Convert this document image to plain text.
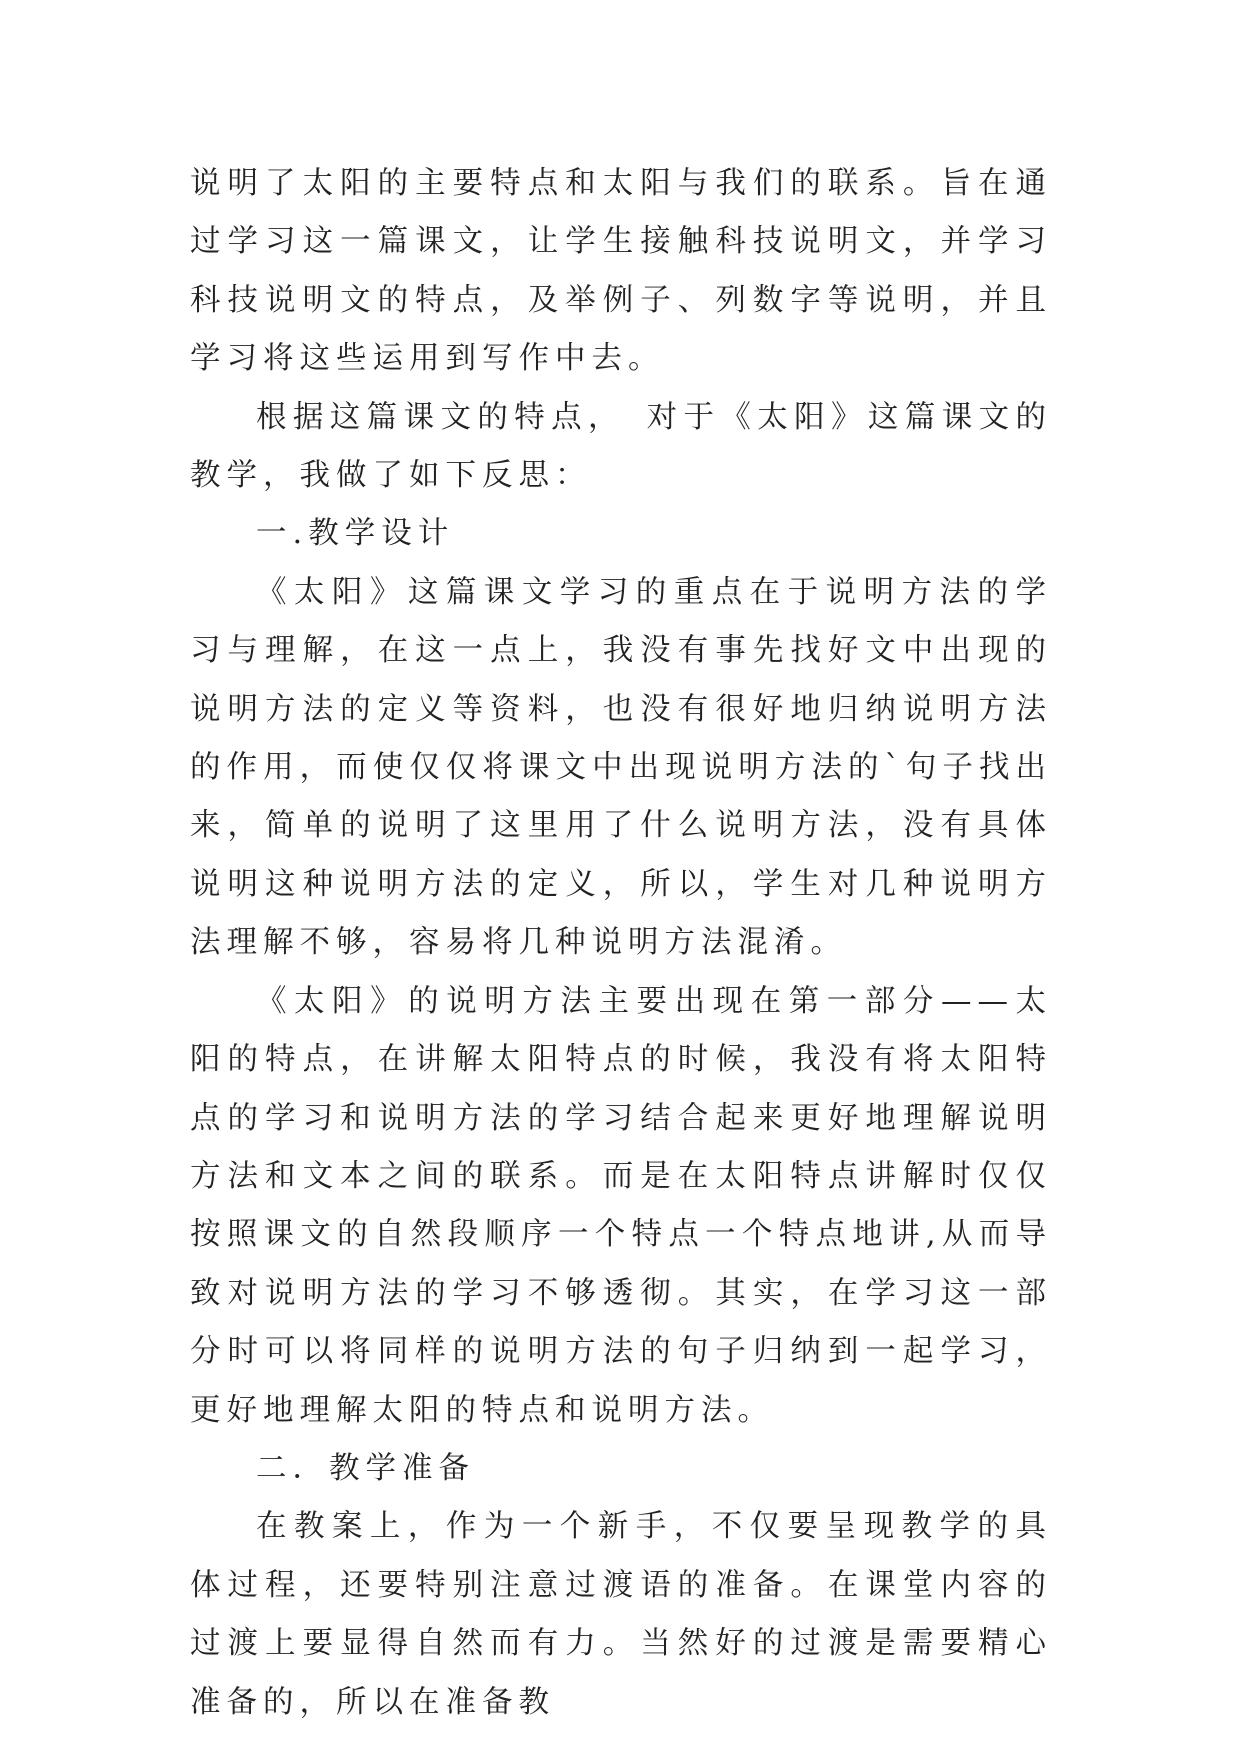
说明了太阳的主要特点和太阳与我们的联系。旨在通过学习这一篇课文，让学生接触科技说明文，并学习科技说明文的特点，及举例子、列数字等说明，并且学习将这些运用到写作中去。

根据这篇课文的特点，　对于《太阳》这篇课文的教学，我做了如下反思：

一.教学设计

《太阳》这篇课文学习的重点在于说明方法的学习与理解，在这一点上，我没有事先找好文中出现的说明方法的定义等资料，也没有很好地归纳说明方法的作用，而使仅仅将课文中出现说明方法的`句子找出来，简单的说明了这里用了什么说明方法，没有具体说明这种说明方法的定义，所以，学生对几种说明方法理解不够，容易将几种说明方法混淆。

《太阳》的说明方法主要出现在第一部分——太阳的特点，在讲解太阳特点的时候，我没有将太阳特点的学习和说明方法的学习结合起来更好地理解说明方法和文本之间的联系。而是在太阳特点讲解时仅仅按照课文的自然段顺序一个特点一个特点地讲,从而导致对说明方法的学习不够透彻。其实，在学习这一部分时可以将同样的说明方法的句子归纳到一起学习，更好地理解太阳的特点和说明方法。

二．教学准备

在教案上，作为一个新手，不仅要呈现教学的具体过程，还要特别注意过渡语的准备。在课堂内容的过渡上要显得自然而有力。当然好的过渡是需要精心准备的，所以在准备教
